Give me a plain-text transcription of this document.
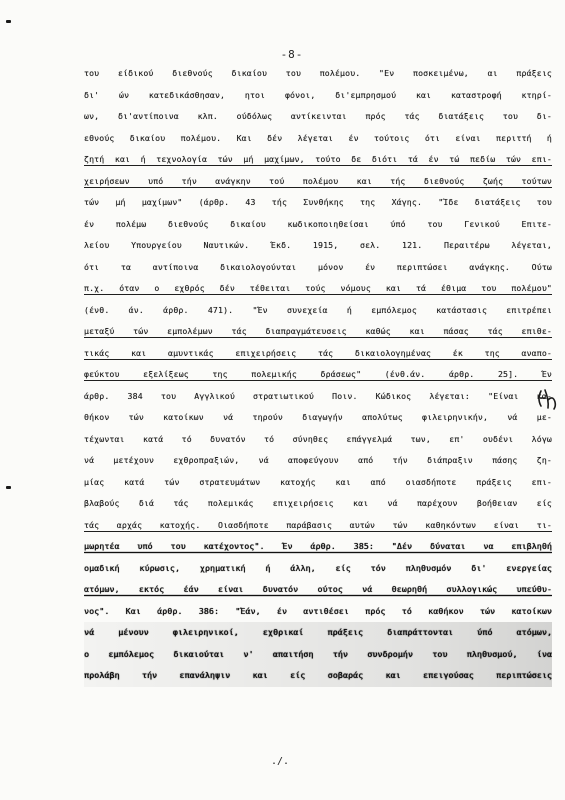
-8-
του είδικού διεθνούς δικαίου του πολέμου. "Εν ποσκειμένω, αι πράξεις
δι' ών κατεδικάσθησαν, ητοι φόνοι, δι'εμπρησμού και καταστροφή κτηρί-
ων, δι'αντίποινα κλπ. ούδόλως αντίκεινται πρός τάς διατάξεις του δι-
εθνούς δικαίου πολέμου. Και δέν λέγεται έν τούτοις ότι είναι περιττή ή
ζητή και ή τεχνολογία τών μή μαχίμων, τούτο δε διότι τά έν τώ πεδίω τών επι-
χειρήσεων υπό τήν ανάγκην τού πολέμου και τής διεθνούς ζωής τούτων
τών μή μαχίμων" (άρθρ. 43 τής Συνθήκης της Χάγης. "Ίδε διατάξεις του
έν πολέμω διεθνούς δικαίου κωδικοποιηθείσαι ύπό του Γενικού Επιτε-
λείου Υπουργείου Ναυτικών. Έκδ. 1915, σελ. 121. Περαιτέρω λέγεται,
ότι τα αντίποινα δικαιολογούνται μόνον έν περιπτώσει ανάγκης. Ούτω
π.χ. όταν ο εχθρός δέν τέθειται τούς νόμους και τά έθιμα του πολέμου"
(ένθ. άν. άρθρ. 471). "Έν συνεχεία ή εμπόλεμος κατάστασις επιτρέπει
μεταξύ τών εμπολέμων τάς διαπραγμάτευσεις καθώς και πάσας τάς επιθε-
τικάς και αμυντικάς επιχειρήσεις τάς δικαιολογημένας έκ της αναπο-
φεύκτου εξελίξεως της πολεμικής δράσεως" (ένθ.άν. άρθρ. 25]. Έν
άρθρ. 384 του Αγγλικού στρατιωτικού Ποιν. Κώδικος λέγεται: "Είναι κα-
θήκον τών κατοίκων νά τηρούν διαγωγήν απολύτως φιλειρηνικήν, νά με-
τέχωνται κατά τό δυνατόν τό σύνηθες επάγγελμά των, επ' ουδένι λόγω
νά μετέχουν εχθροπραξιών, νά αποφεύγουν από τήν διάπραξιν πάσης ζη-
μίας κατά τών στρατευμάτων κατοχής και από οιασδήποτε πράξεις επι-
βλαβούς διά τάς πολεμικάς επιχειρήσεις και νά παρέχουν βοήθειαν είς
τάς αρχάς κατοχής. Οιασδήποτε παράβασις αυτών τών καθηκόντων είναι τι-
μωρητέα υπό του κατέχοντος". Έν άρθρ. 385: "Δέν δύναται να επιβληθή
ομαδική κύρωσις, χρηματική ή άλλη, είς τόν πληθυσμόν δι' ενεργείας
ατόμων, εκτός έάν είναι δυνατόν ούτος νά θεωρηθή συλλογικώς υπεύθυ-
νος". Και άρθρ. 386: "Έάν, έν αντιθέσει πρός τό καθήκον τών κατοίκων
νά μένουν φιλειρηνικοί, εχθρικαί πράξεις διαπράττονται ύπό ατόμων,
ο εμπόλεμος δικαιούται ν' απαιτήση τήν συνδρομήν του πληθυσμού, ίνα
προλάβη τήν επανάληψιν και είς σοβαράς και επειγούσας περιπτώσεις
./.
